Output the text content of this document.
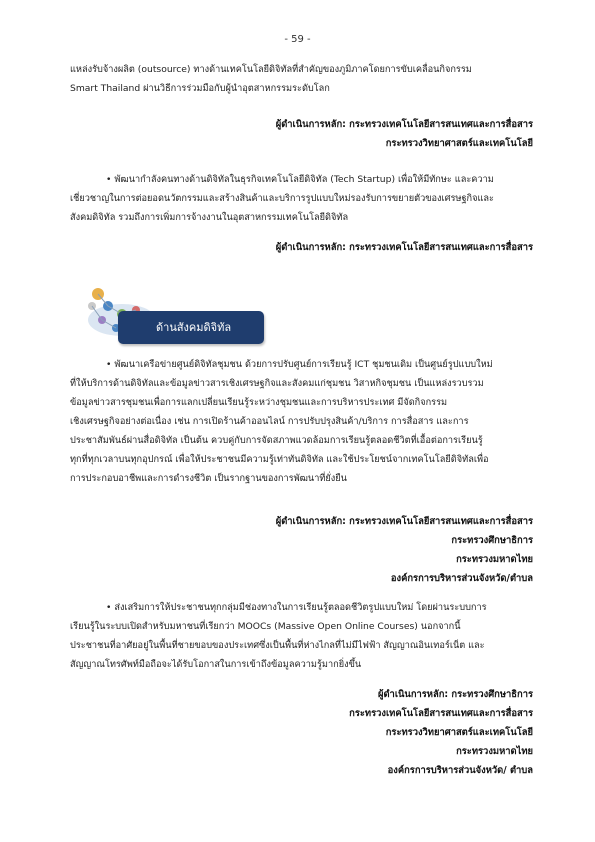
- 59 -
แหล่งรับจ้างผลิต (outsource) ทางด้านเทคโนโลยีดิจิทัลที่สำคัญของภูมิภาคโดยการขับเคลื่อนกิจกรรม
Smart Thailand ผ่านวิธีการร่วมมือกับผู้นำอุตสาหกรรมระดับโลก
ผู้ดำเนินการหลัก: กระทรวงเทคโนโลยีสารสนเทศและการสื่อสาร
กระทรวงวิทยาศาสตร์และเทคโนโลยี
• พัฒนากำลังคนทางด้านดิจิทัลในธุรกิจเทคโนโลยีดิจิทัล (Tech Startup) เพื่อให้มีทักษะ และความ
เชี่ยวชาญในการต่อยอดนวัตกรรมและสร้างสินค้าและบริการรูปแบบใหม่รองรับการขยายตัวของเศรษฐกิจและ
สังคมดิจิทัล รวมถึงการเพิ่มการจ้างงานในอุตสาหกรรมเทคโนโลยีดิจิทัล
ผู้ดำเนินการหลัก: กระทรวงเทคโนโลยีสารสนเทศและการสื่อสาร
ด้านสังคมดิจิทัล
• พัฒนาเครือข่ายศูนย์ดิจิทัลชุมชน ด้วยการปรับศูนย์การเรียนรู้ ICT ชุมชนเดิม เป็นศูนย์รูปแบบใหม่
ที่ให้บริการด้านดิจิทัลและข้อมูลข่าวสารเชิงเศรษฐกิจและสังคมแก่ชุมชน วิสาหกิจชุมชน เป็นแหล่งรวบรวม
ข้อมูลข่าวสารชุมชนเพื่อการแลกเปลี่ยนเรียนรู้ระหว่างชุมชนและการบริหารประเทศ มีจัดกิจกรรม
เชิงเศรษฐกิจอย่างต่อเนื่อง เช่น การเปิดร้านค้าออนไลน์ การปรับปรุงสินค้า/บริการ การสื่อสาร และการ
ประชาสัมพันธ์ผ่านสื่อดิจิทัล เป็นต้น ควบคู่กับการจัดสภาพแวดล้อมการเรียนรู้ตลอดชีวิตที่เอื้อต่อการเรียนรู้
ทุกที่ทุกเวลาบนทุกอุปกรณ์ เพื่อให้ประชาชนมีความรู้เท่าทันดิจิทัล และใช้ประโยชน์จากเทคโนโลยีดิจิทัลเพื่อ
การประกอบอาชีพและการดำรงชีวิต เป็นรากฐานของการพัฒนาที่ยั่งยืน
ผู้ดำเนินการหลัก: กระทรวงเทคโนโลยีสารสนเทศและการสื่อสาร
กระทรวงศึกษาธิการ
กระทรวงมหาดไทย
องค์กรการบริหารส่วนจังหวัด/ตำบล
• ส่งเสริมการให้ประชาชนทุกกลุ่มมีช่องทางในการเรียนรู้ตลอดชีวิตรูปแบบใหม่ โดยผ่านระบบการ
เรียนรู้ในระบบเปิดสำหรับมหาชนที่เรียกว่า MOOCs (Massive Open Online Courses) นอกจากนี้
ประชาชนที่อาศัยอยู่ในพื้นที่ชายขอบของประเทศซึ่งเป็นพื้นที่ห่างไกลที่ไม่มีไฟฟ้า สัญญาณอินเทอร์เน็ต และ
สัญญาณโทรศัพท์มือถือจะได้รับโอกาสในการเข้าถึงข้อมูลความรู้มากยิ่งขึ้น
ผู้ดำเนินการหลัก: กระทรวงศึกษาธิการ
กระทรวงเทคโนโลยีสารสนเทศและการสื่อสาร
กระทรวงวิทยาศาสตร์และเทคโนโลยี
กระทรวงมหาดไทย
องค์กรการบริหารส่วนจังหวัด/ ตำบล
